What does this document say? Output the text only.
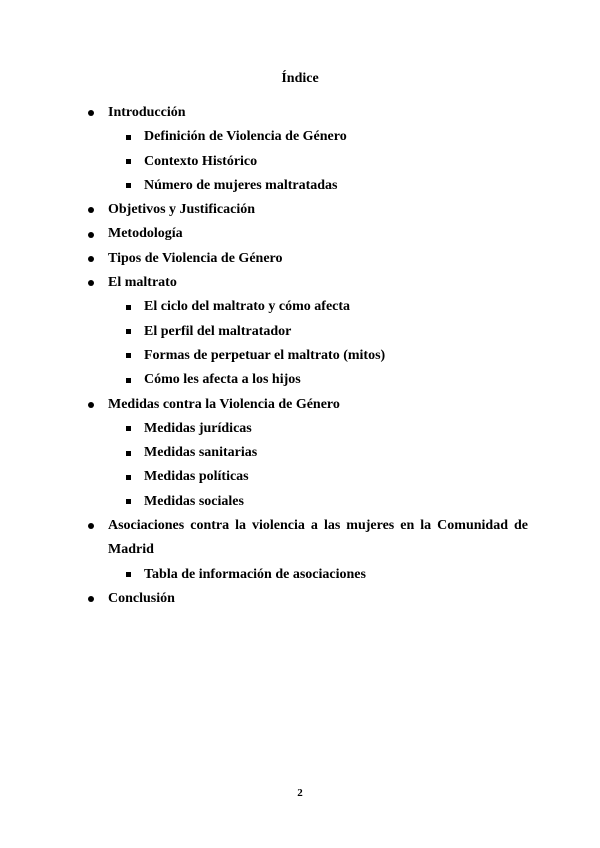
Índice
Introducción
Definición de Violencia de Género
Contexto Histórico
Número de mujeres maltratadas
Objetivos y Justificación
Metodología
Tipos de Violencia de Género
El maltrato
El ciclo del maltrato y cómo afecta
El perfil del maltratador
Formas de perpetuar el maltrato (mitos)
Cómo les afecta a los hijos
Medidas contra la Violencia de Género
Medidas jurídicas
Medidas sanitarias
Medidas políticas
Medidas sociales
Asociaciones contra la violencia a las mujeres en la Comunidad de Madrid
Tabla de información de asociaciones
Conclusión
2
